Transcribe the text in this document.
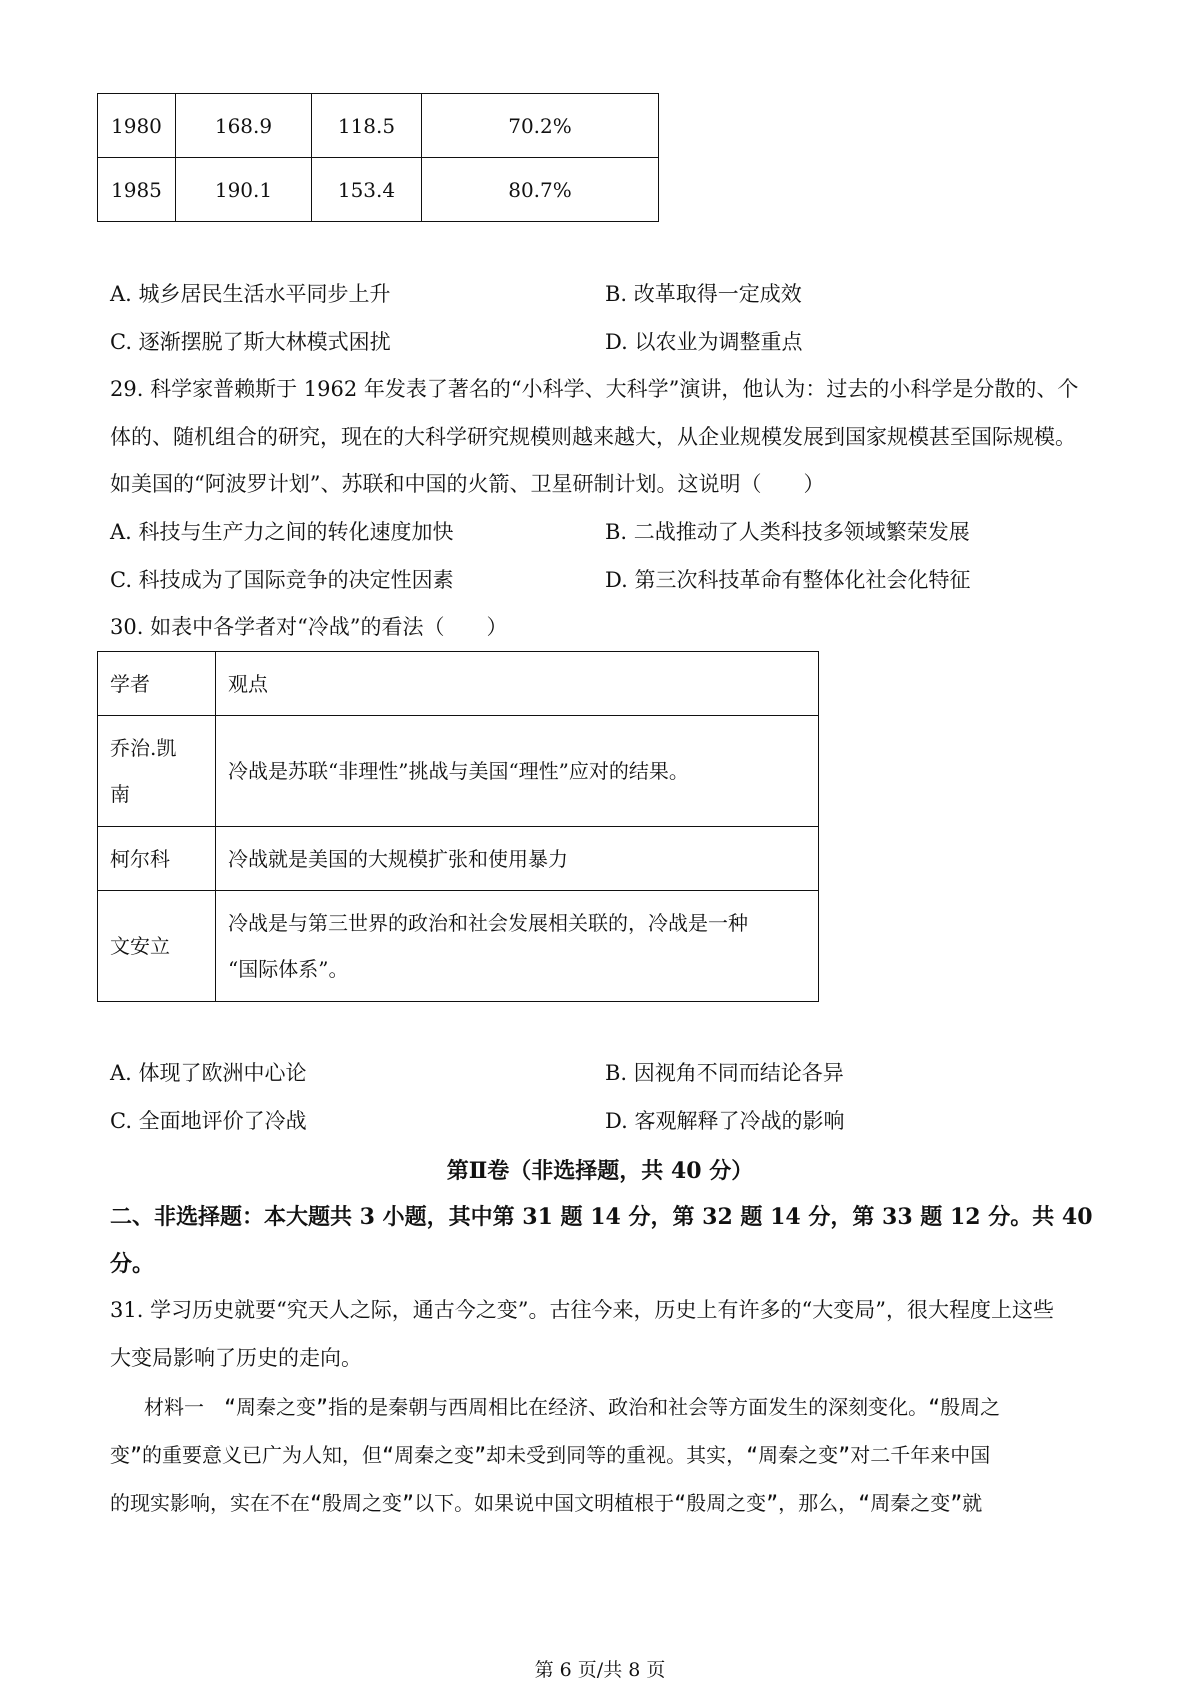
1980	168.9	118.5	70.2%
1985	190.1	153.4	80.7%
A. 城乡居民生活水平同步上升	B. 改革取得一定成效
C. 逐渐摆脱了斯大林模式困扰	D. 以农业为调整重点
29. 科学家普赖斯于 1962 年发表了著名的“小科学、大科学”演讲，他认为：过去的小科学是分散的、个
体的、随机组合的研究，现在的大科学研究规模则越来越大，从企业规模发展到国家规模甚至国际规模。
如美国的“阿波罗计划”、苏联和中国的火箭、卫星研制计划。这说明（　　）
A. 科技与生产力之间的转化速度加快	B. 二战推动了人类科技多领域繁荣发展
C. 科技成为了国际竞争的决定性因素	D. 第三次科技革命有整体化社会化特征
30. 如表中各学者对“冷战”的看法（　　）
学者	观点

乔治.凯
南	冷战是苏联“非理性”挑战与美国“理性”应对的结果。

柯尔科	冷战就是美国的大规模扩张和使用暴力

文安立	冷战是与第三世界的政治和社会发展相关联的，冷战是一种
“国际体系”。
A. 体现了欧洲中心论	B. 因视角不同而结论各异
C. 全面地评价了冷战	D. 客观解释了冷战的影响
第Ⅱ卷（非选择题，共 40 分）
二、非选择题：本大题共 3 小题，其中第 31 题 14 分，第 32 题 14 分，第 33 题 12 分。共 40
分。
31. 学习历史就要“究天人之际，通古今之变”。古往今来，历史上有许多的“大变局”，很大程度上这些
大变局影响了历史的走向。
材料一　“周秦之变”指的是秦朝与西周相比在经济、政治和社会等方面发生的深刻变化。“殷周之
变”的重要意义已广为人知，但“周秦之变”却未受到同等的重视。其实，“周秦之变”对二千年来中国
的现实影响，实在不在“殷周之变”以下。如果说中国文明植根于“殷周之变”，那么，“周秦之变”就
第 6 页/共 8 页
